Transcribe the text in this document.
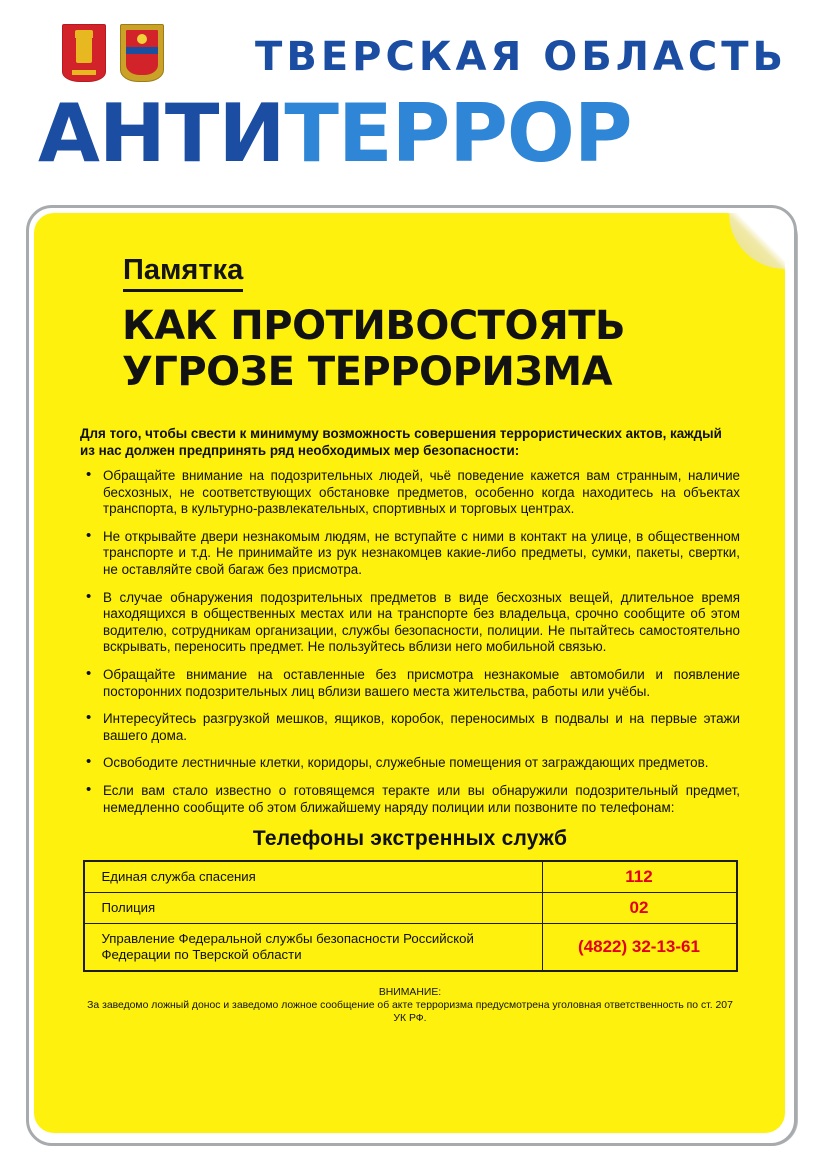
ТВЕРСКАЯ ОБЛАСТЬ
АНТИТЕРРОР
Памятка
КАК ПРОТИВОСТОЯТЬ
УГРОЗЕ ТЕРРОРИЗМА

Для того, чтобы свести к минимуму возможность совершения террористических актов, каждый из нас должен предпринять ряд необходимых мер безопасности:

• Обращайте внимание на подозрительных людей, чьё поведение кажется вам странным, наличие бесхозных, не соответствующих обстановке предметов, особенно когда находитесь на объектах транспорта, в культурно-развлекательных, спортивных и торговых центрах.
• Не открывайте двери незнакомым людям, не вступайте с ними в контакт на улице, в общественном транспорте и т.д. Не принимайте из рук незнакомцев какие-либо предметы, сумки, пакеты, свертки, не оставляйте свой багаж без присмотра.
• В случае обнаружения подозрительных предметов в виде бесхозных вещей, длительное время находящихся в общественных местах или на транспорте без владельца, срочно сообщите об этом водителю, сотрудникам организации, службы безопасности, полиции. Не пытайтесь самостоятельно вскрывать, переносить предмет. Не пользуйтесь вблизи него мобильной связью.
• Обращайте внимание на оставленные без присмотра незнакомые автомобили и появление посторонних подозрительных лиц вблизи вашего места жительства, работы или учёбы.
• Интересуйтесь разгрузкой мешков, ящиков, коробок, переносимых в подвалы и на первые этажи вашего дома.
• Освободите лестничные клетки, коридоры, служебные помещения от заграждающих предметов.
• Если вам стало известно о готовящемся теракте или вы обнаружили подозрительный предмет, немедленно сообщите об этом ближайшему наряду полиции или позвоните по телефонам:
Телефоны экстренных служб
Единая служба спасения	112
Полиция	02
Управление Федеральной службы безопасности Российской Федерации по Тверской области	(4822) 32-13-61
ВНИМАНИЕ:
За заведомо ложный донос и заведомо ложное сообщение об акте терроризма предусмотрена уголовная ответственность по ст. 207 УК РФ.
